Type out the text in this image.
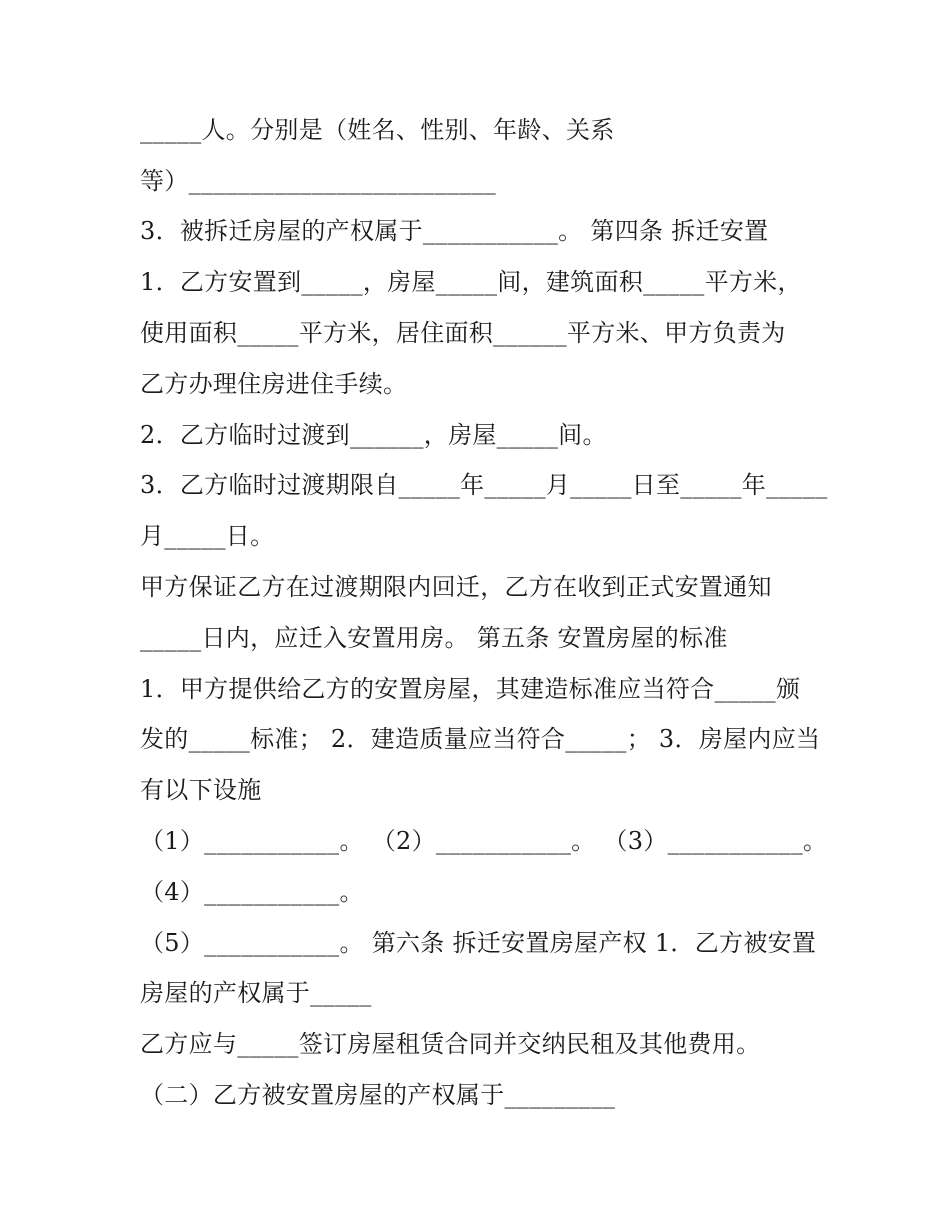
_____人。分别是（姓名、性别、年龄、关系
等）_________________________
3．被拆迁房屋的产权属于___________。 第四条 拆迁安置
1．乙方安置到_____，房屋_____间，建筑面积_____平方米，
使用面积_____平方米，居住面积______平方米、甲方负责为
乙方办理住房进住手续。
2．乙方临时过渡到______，房屋_____间。
3．乙方临时过渡期限自_____年_____月_____日至_____年_____
月_____日。
甲方保证乙方在过渡期限内回迁，乙方在收到正式安置通知
_____日内，应迁入安置用房。 第五条 安置房屋的标准
1．甲方提供给乙方的安置房屋，其建造标准应当符合_____颁
发的_____标准； 2．建造质量应当符合_____； 3．房屋内应当
有以下设施
（1）___________。 （2）___________。 （3）___________。
（4）___________。
（5）___________。 第六条 拆迁安置房屋产权 1．乙方被安置
房屋的产权属于_____
乙方应与_____签订房屋租赁合同并交纳民租及其他费用。
（二）乙方被安置房屋的产权属于_________
